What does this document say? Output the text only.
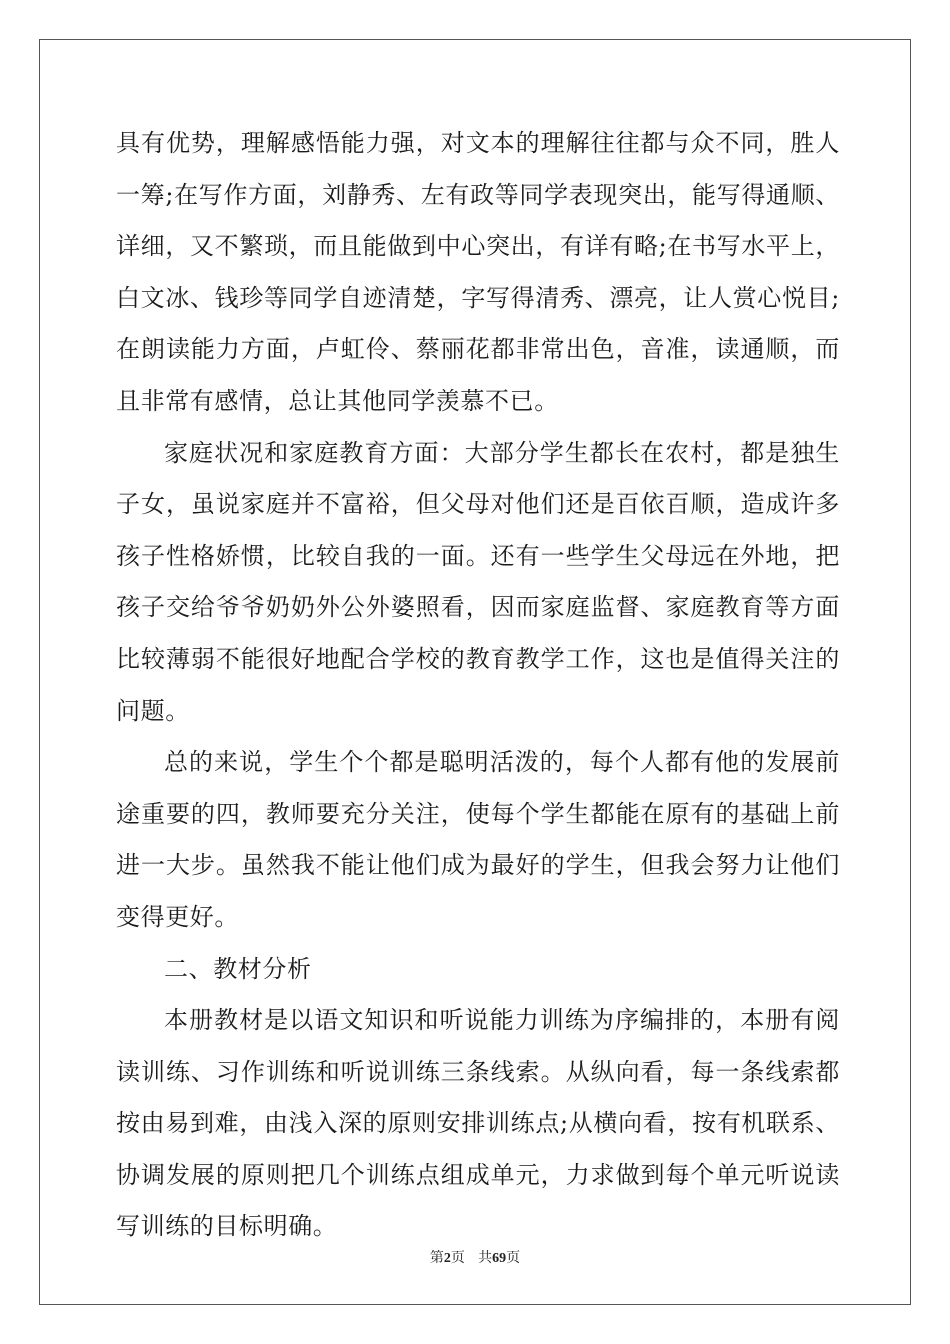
具有优势，理解感悟能力强，对文本的理解往往都与众不同，胜人一筹;在写作方面，刘静秀、左有政等同学表现突出，能写得通顺、详细，又不繁琐，而且能做到中心突出，有详有略;在书写水平上，白文冰、钱珍等同学自迹清楚，字写得清秀、漂亮，让人赏心悦目;在朗读能力方面，卢虹伶、蔡丽花都非常出色，音准，读通顺，而且非常有感情，总让其他同学羡慕不已。

家庭状况和家庭教育方面：大部分学生都长在农村，都是独生子女，虽说家庭并不富裕，但父母对他们还是百依百顺，造成许多孩子性格娇惯，比较自我的一面。还有一些学生父母远在外地，把孩子交给爷爷奶奶外公外婆照看，因而家庭监督、家庭教育等方面比较薄弱不能很好地配合学校的教育教学工作，这也是值得关注的问题。

总的来说，学生个个都是聪明活泼的，每个人都有他的发展前途重要的四，教师要充分关注，使每个学生都能在原有的基础上前进一大步。虽然我不能让他们成为最好的学生，但我会努力让他们变得更好。

二、教材分析

本册教材是以语文知识和听说能力训练为序编排的，本册有阅读训练、习作训练和听说训练三条线索。从纵向看，每一条线索都按由易到难，由浅入深的原则安排训练点;从横向看，按有机联系、协调发展的原则把几个训练点组成单元，力求做到每个单元听说读写训练的目标明确。

第2页 共69页
